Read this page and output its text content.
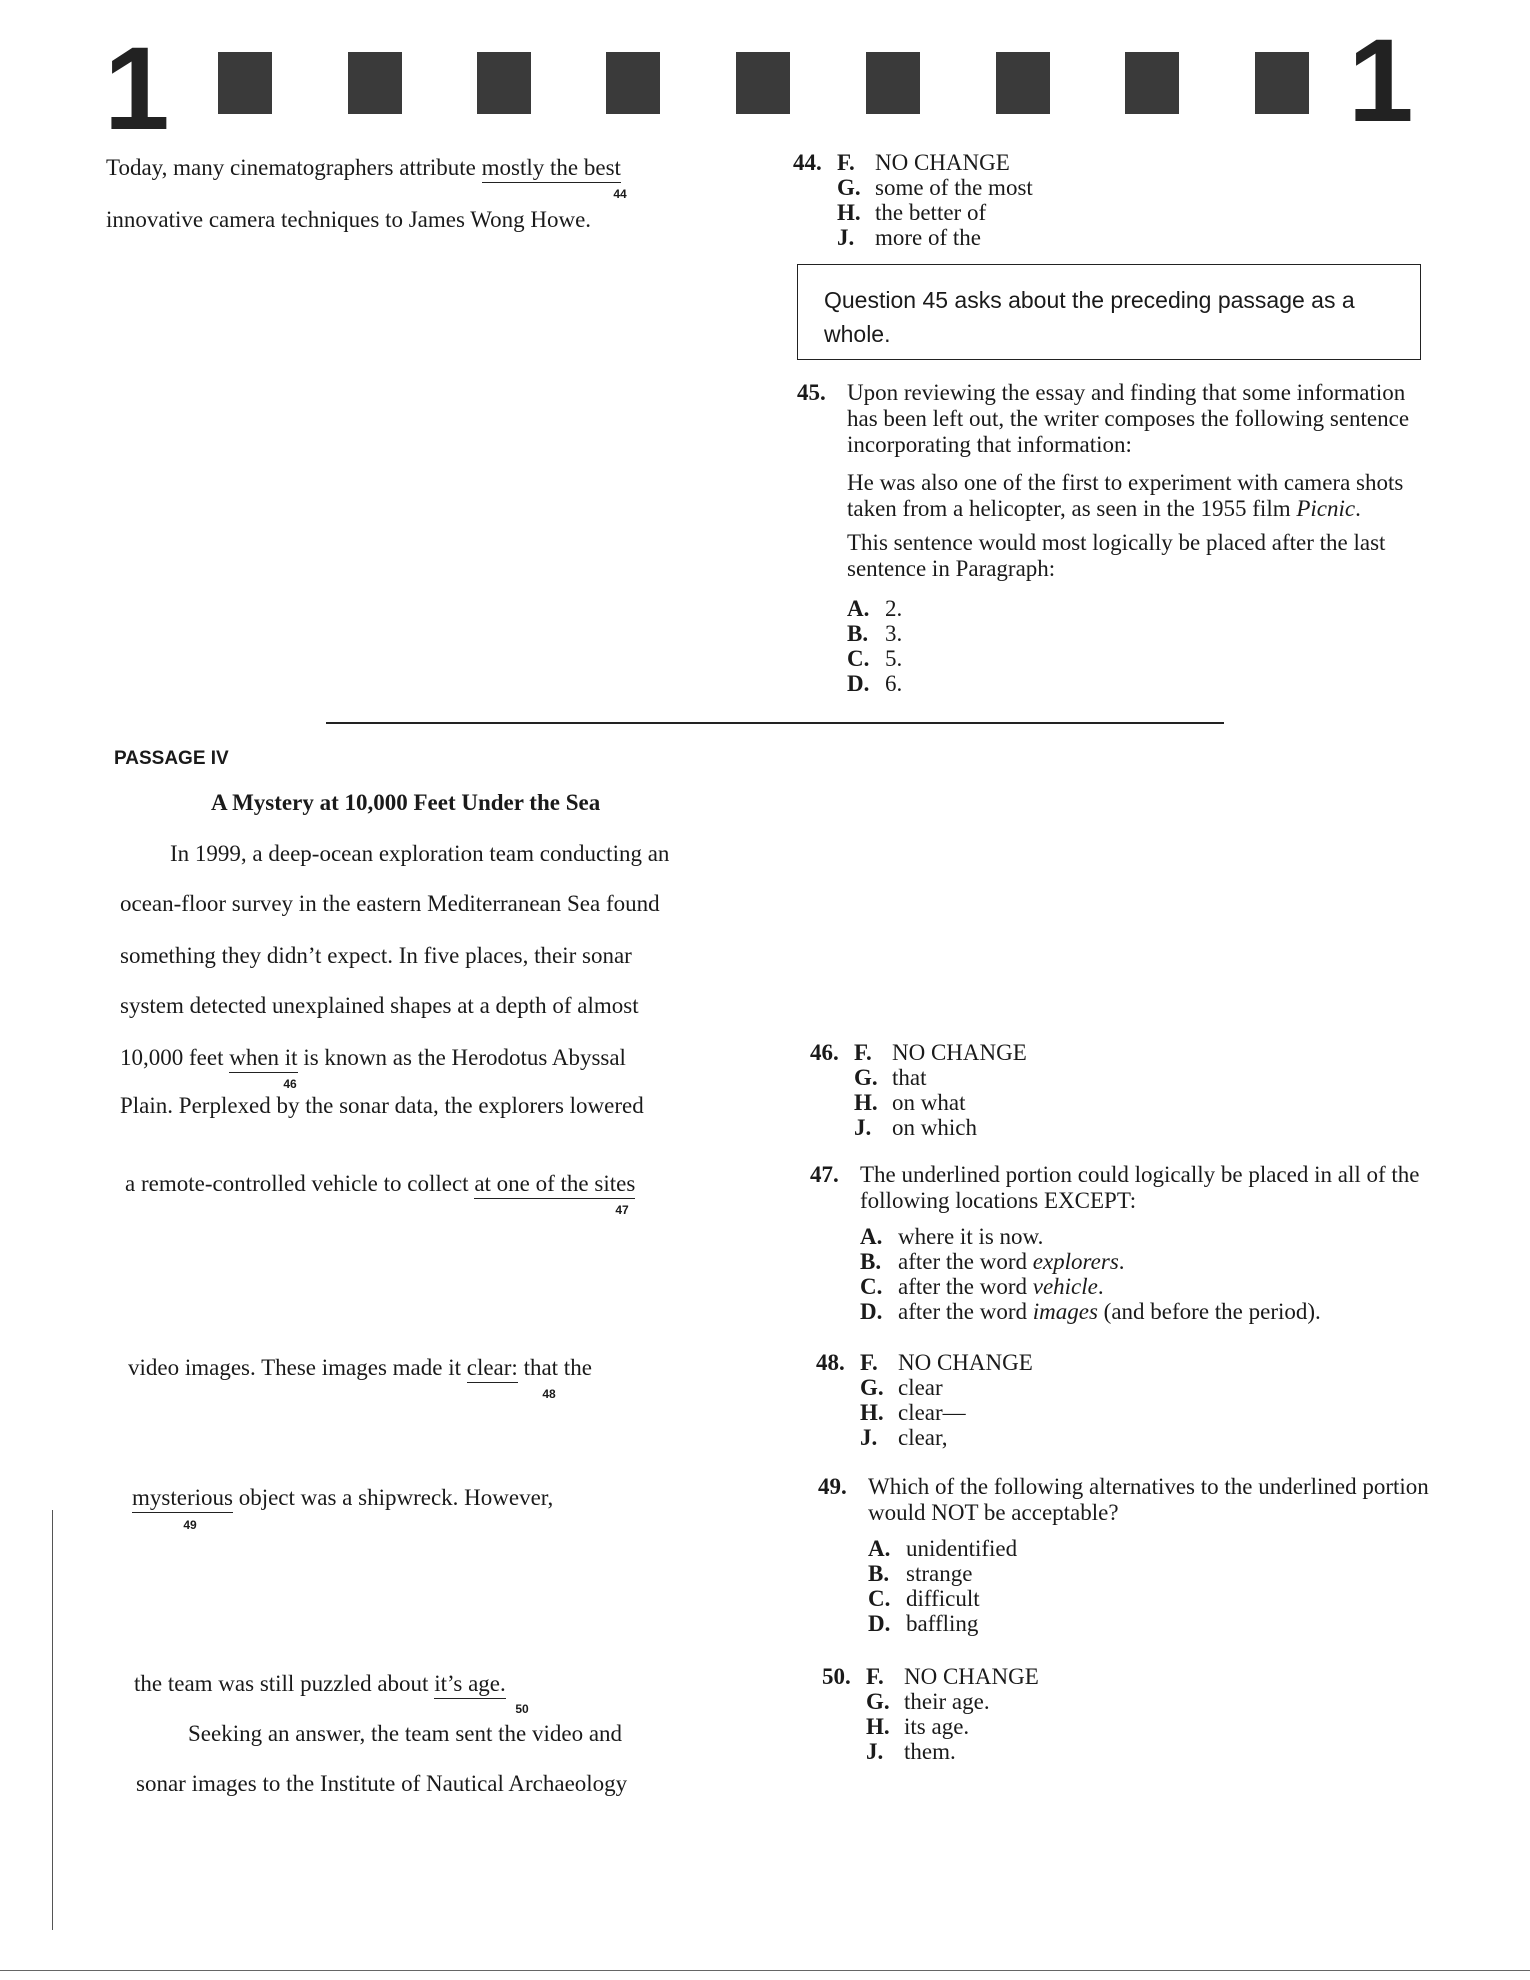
1	1
Today, many cinematographers attribute mostly the best
44
innovative camera techniques to James Wong Howe.
44. F. NO CHANGE
G. some of the most
H. the better of
J. more of the
Question 45 asks about the preceding passage as a whole.
45. Upon reviewing the essay and finding that some information has been left out, the writer composes the following sentence incorporating that information:
He was also one of the first to experiment with camera shots taken from a helicopter, as seen in the 1955 film Picnic.
This sentence would most logically be placed after the last sentence in Paragraph:
A. 2.
B. 3.
C. 5.
D. 6.
PASSAGE IV
A Mystery at 10,000 Feet Under the Sea
In 1999, a deep-ocean exploration team conducting an
ocean-floor survey in the eastern Mediterranean Sea found
something they didn’t expect. In five places, their sonar
system detected unexplained shapes at a depth of almost
10,000 feet when it is known as the Herodotus Abyssal
46
Plain. Perplexed by the sonar data, the explorers lowered
a remote-controlled vehicle to collect at one of the sites
47
video images. These images made it clear: that the
48
mysterious object was a shipwreck. However,
49
the team was still puzzled about it’s age.
50
Seeking an answer, the team sent the video and
sonar images to the Institute of Nautical Archaeology
46. F. NO CHANGE
G. that
H. on what
J. on which
47. The underlined portion could logically be placed in all of the following locations EXCEPT:
A. where it is now.
B. after the word explorers.
C. after the word vehicle.
D. after the word images (and before the period).
48. F. NO CHANGE
G. clear
H. clear—
J. clear,
49. Which of the following alternatives to the underlined portion would NOT be acceptable?
A. unidentified
B. strange
C. difficult
D. baffling
50. F. NO CHANGE
G. their age.
H. its age.
J. them.
